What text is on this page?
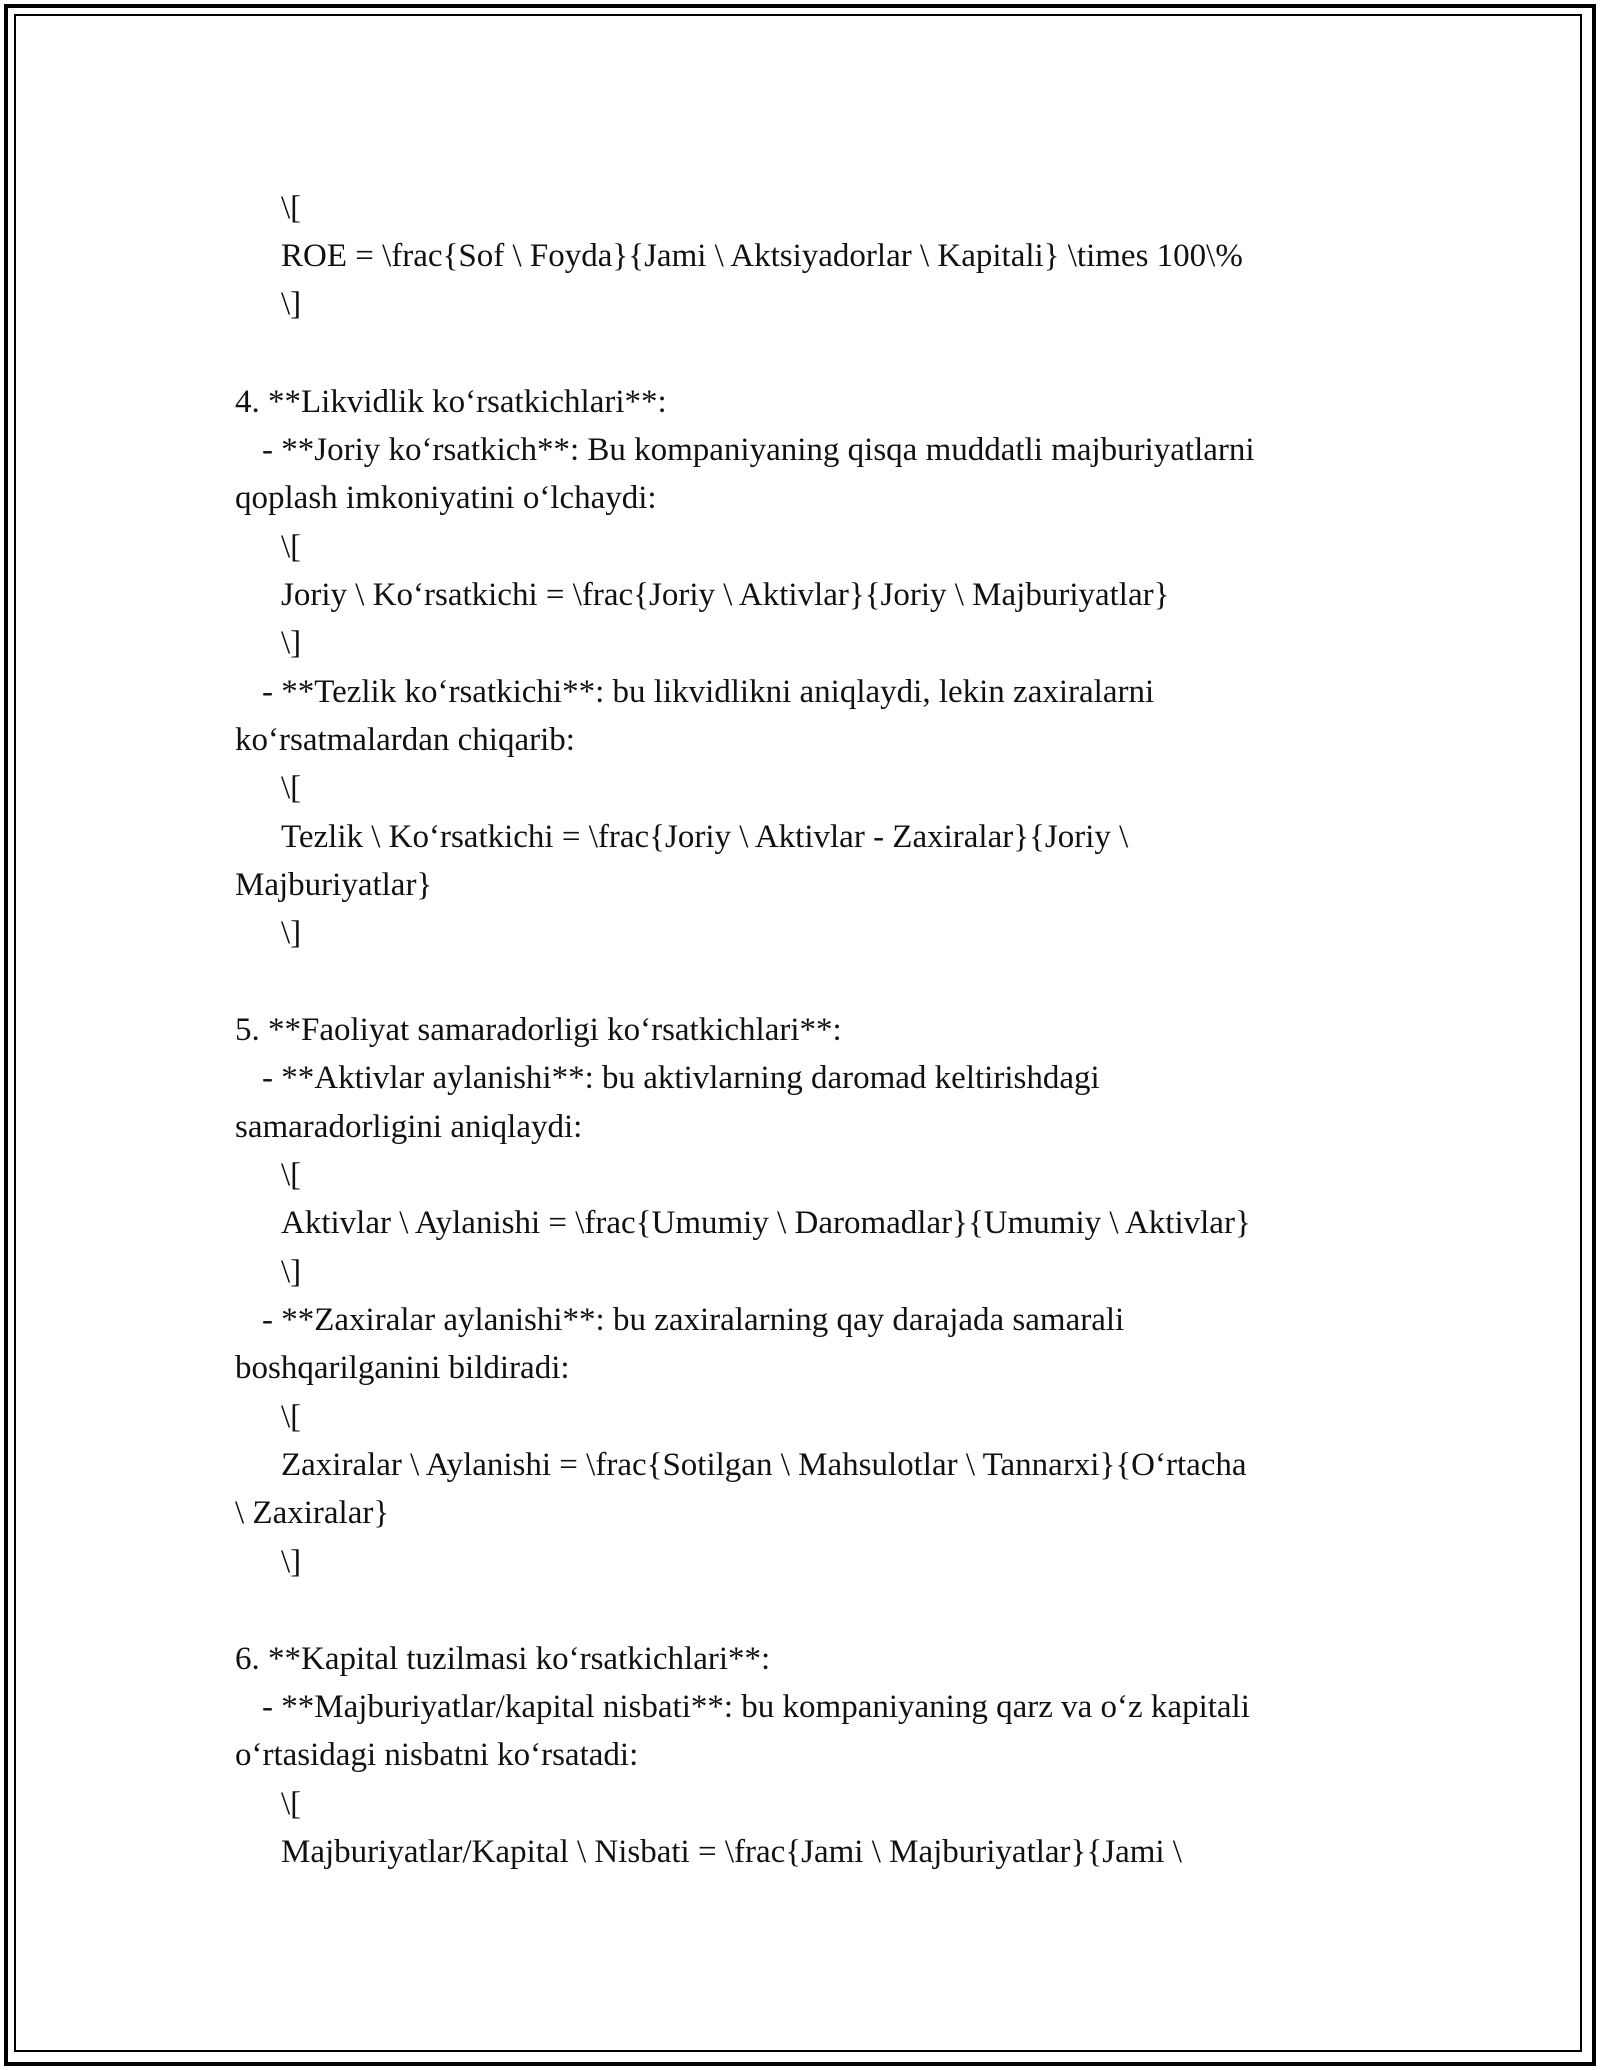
\[
ROE = \frac{Sof \ Foyda}{Jami \ Aktsiyadorlar \ Kapitali} \times 100\%
\]
4. **Likvidlik ko‘rsatkichlari**:
- **Joriy ko‘rsatkich**: Bu kompaniyaning qisqa muddatli majburiyatlarni
qoplash imkoniyatini o‘lchaydi:
\[
Joriy \ Ko‘rsatkichi = \frac{Joriy \ Aktivlar}{Joriy \ Majburiyatlar}
\]
- **Tezlik ko‘rsatkichi**: bu likvidlikni aniqlaydi, lekin zaxiralarni
ko‘rsatmalardan chiqarib:
\[
Tezlik \ Ko‘rsatkichi = \frac{Joriy \ Aktivlar - Zaxiralar}{Joriy \
Majburiyatlar}
\]
5. **Faoliyat samaradorligi ko‘rsatkichlari**:
- **Aktivlar aylanishi**: bu aktivlarning daromad keltirishdagi
samaradorligini aniqlaydi:
\[
Aktivlar \ Aylanishi = \frac{Umumiy \ Daromadlar}{Umumiy \ Aktivlar}
\]
- **Zaxiralar aylanishi**: bu zaxiralarning qay darajada samarali
boshqarilganini bildiradi:
\[
Zaxiralar \ Aylanishi = \frac{Sotilgan \ Mahsulotlar \ Tannarxi}{O‘rtacha
\ Zaxiralar}
\]
6. **Kapital tuzilmasi ko‘rsatkichlari**:
- **Majburiyatlar/kapital nisbati**: bu kompaniyaning qarz va o‘z kapitali
o‘rtasidagi nisbatni ko‘rsatadi:
\[
Majburiyatlar/Kapital \ Nisbati = \frac{Jami \ Majburiyatlar}{Jami \
